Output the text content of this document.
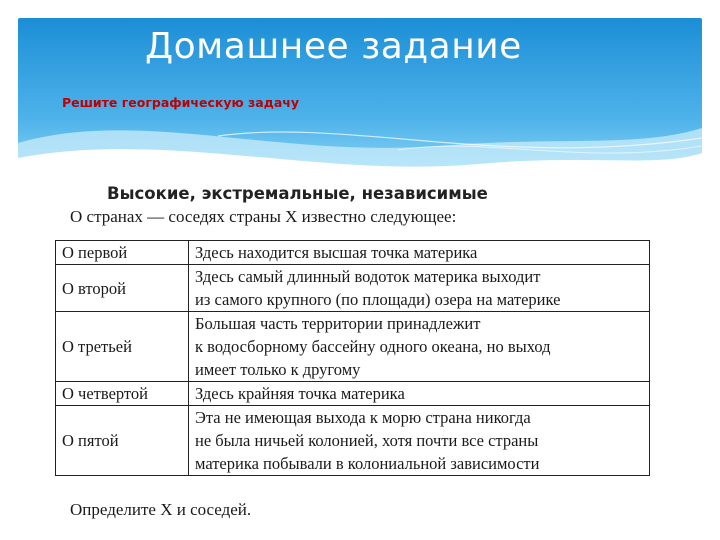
Домашнее задание
Решите географическую задачу
Высокие, экстремальные, независимые
О странах — соседях страны X известно следующее:
О первой	Здесь находится высшая точка материка

О второй	Здесь самый длинный водоток материка выходит
из самого крупного (по площади) озера на материке

О третьей	Большая часть территории принадлежит
к водосборному бассейну одного океана, но выход
имеет только к другому

О четвертой	Здесь крайняя точка материка

О пятой	Эта не имеющая выхода к морю страна никогда
не была ничьей колонией, хотя почти все страны
материка побывали в колониальной зависимости
Определите X и соседей.
